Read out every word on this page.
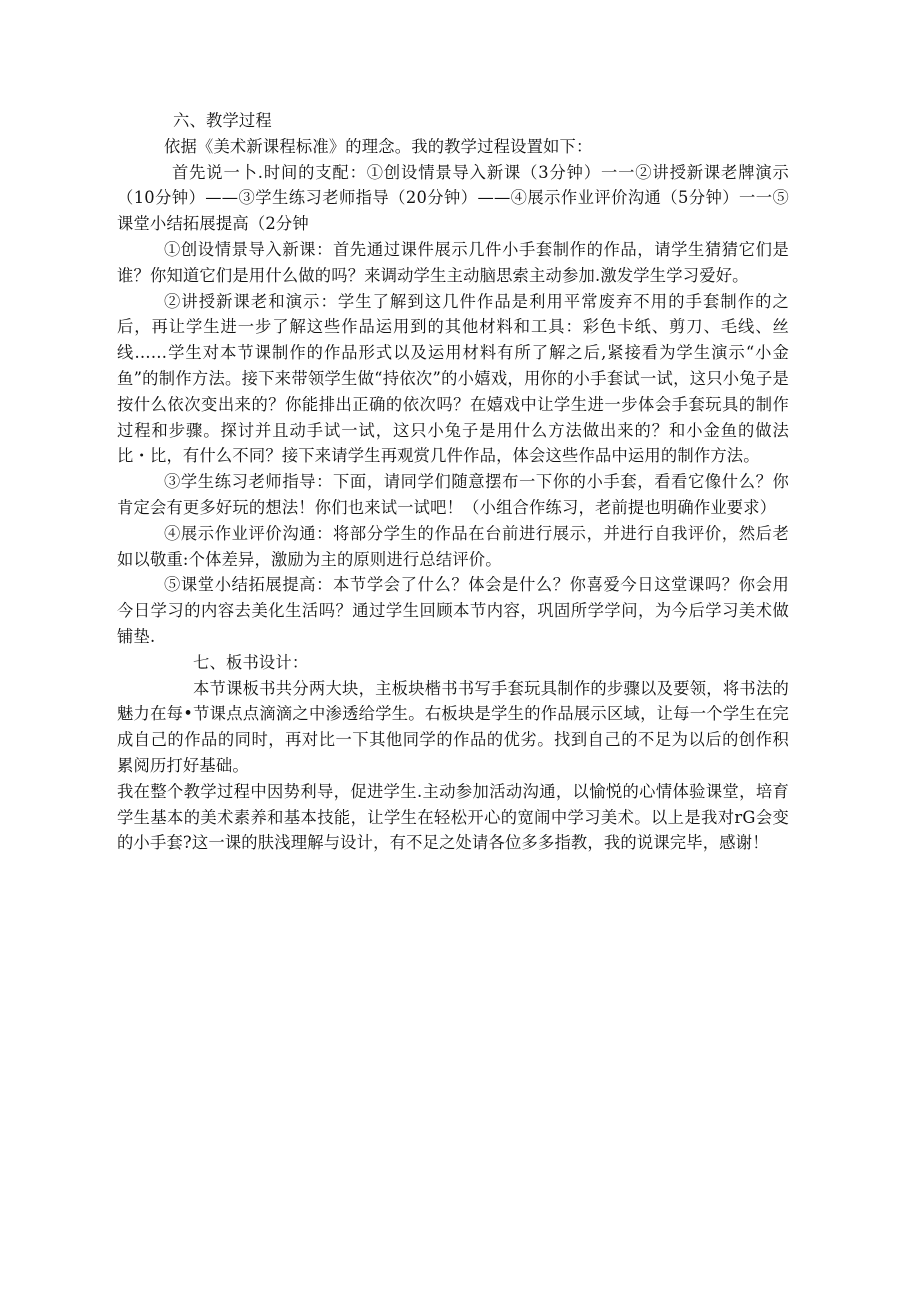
六、教学过程

依据《美术新课程标准》的理念。我的教学过程设置如下：

首先说一卜.时间的支配：①创设情景导入新课（3分钟）一一②讲授新课老牌演示（10分钟）——③学生练习老师指导（20分钟）——④展示作业评价沟通（5分钟）一一⑤课堂小结拓展提高（2分钟

①创设情景导入新课：首先通过课件展示几件小手套制作的作品，请学生猜猜它们是谁？你知道它们是用什么做的吗？来调动学生主动脑思索主动参加.激发学生学习爱好。

②讲授新课老和演示：学生了解到这几件作品是利用平常废弃不用的手套制作的之后，再让学生进一步了解这些作品运用到的其他材料和工具：彩色卡纸、剪刀、毛线、丝线……学生对本节课制作的作品形式以及运用材料有所了解之后,紧接看为学生演示“小金鱼”的制作方法。接下来带领学生做“持依次”的小嬉戏，用你的小手套试一试，这只小兔子是按什么依次变出来的？你能排出正确的依次吗？在嬉戏中让学生进一步体会手套玩具的制作过程和步骤。探讨并且动手试一试，这只小兔子是用什么方法做出来的？和小金鱼的做法比・比，有什么不同？接下来请学生再观赏几件作品，体会这些作品中运用的制作方法。

③学生练习老师指导：下面，请同学们随意摆布一下你的小手套，看看它像什么？你肯定会有更多好玩的想法！你们也来试一试吧！（小组合作练习，老前提也明确作业要求）

④展示作业评价沟通：将部分学生的作品在台前进行展示，并进行自我评价，然后老如以敬重:个体差异，激励为主的原则进行总结评价。

⑤课堂小结拓展提高：本节学会了什么？体会是什么？你喜爱今日这堂课吗？你会用今日学习的内容去美化生活吗？通过学生回顾本节内容，巩固所学学问，为今后学习美术做铺垫.

七、板书设计：

本节课板书共分两大块，主板块楷书书写手套玩具制作的步骤以及要领，将书法的魅力在每•节课点点滴滴之中渗透给学生。右板块是学生的作品展示区域，让每一个学生在完成自己的作品的同时，再对比一下其他同学的作品的优劣。找到自己的不足为以后的创作积累阅历打好基础。

我在整个教学过程中因势利导，促进学生.主动参加活动沟通，以愉悦的心情体验课堂，培育学生基本的美术素养和基本技能，让学生在轻松开心的宽闹中学习美术。以上是我对rG会变的小手套?这一课的肤浅理解与设计，有不足之处请各位多多指教，我的说课完毕，感谢！
